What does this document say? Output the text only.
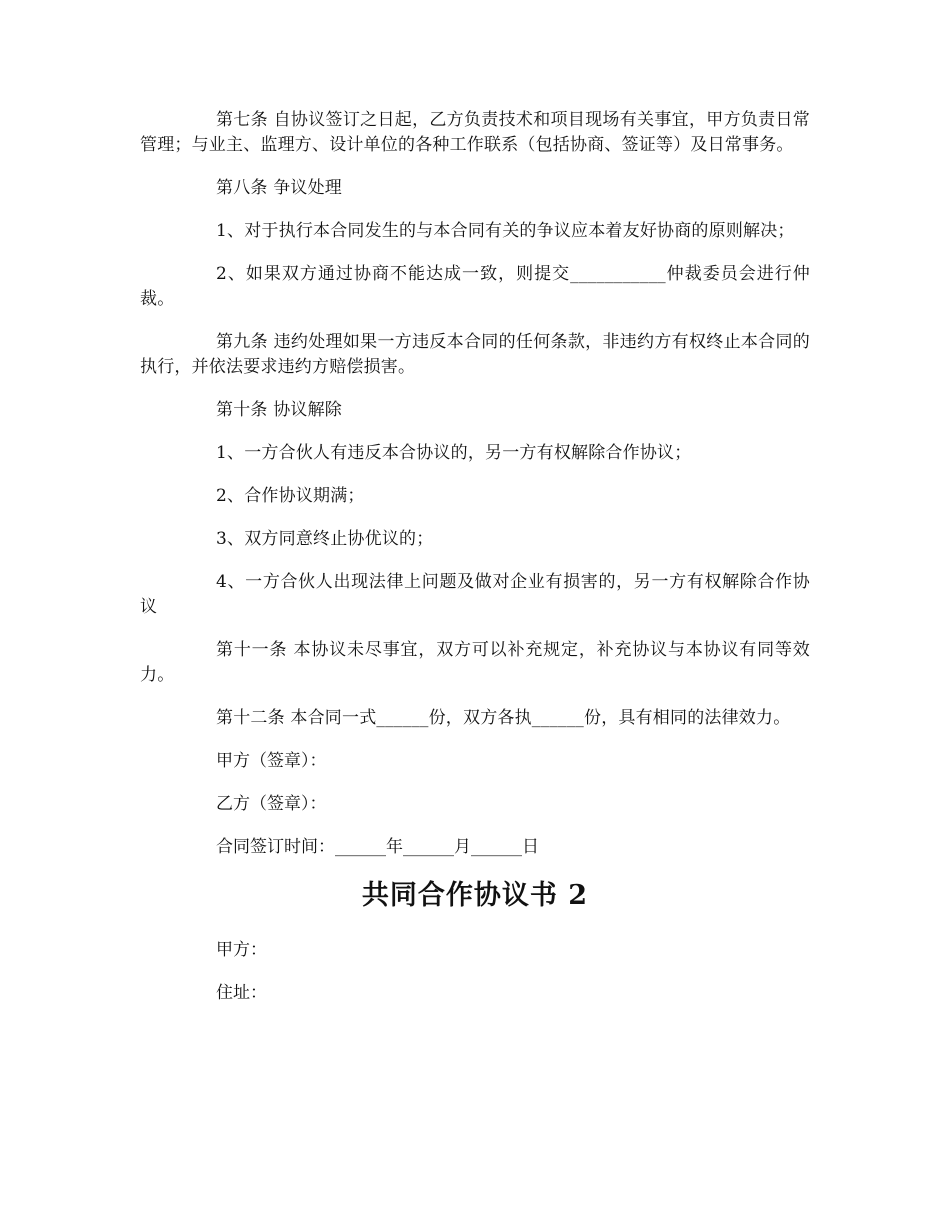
第七条 自协议签订之日起，乙方负责技术和项目现场有关事宜，甲方负责日常管理；与业主、监理方、设计单位的各种工作联系（包括协商、签证等）及日常事务。

第八条 争议处理

1、对于执行本合同发生的与本合同有关的争议应本着友好协商的原则解决；

2、如果双方通过协商不能达成一致，则提交___________仲裁委员会进行仲裁。

第九条 违约处理如果一方违反本合同的任何条款，非违约方有权终止本合同的执行，并依法要求违约方赔偿损害。

第十条 协议解除

1、一方合伙人有违反本合协议的，另一方有权解除合作协议；

2、合作协议期满；

3、双方同意终止协优议的；

4、一方合伙人出现法律上问题及做对企业有损害的，另一方有权解除合作协议

第十一条 本协议未尽事宜，双方可以补充规定，补充协议与本协议有同等效力。

第十二条 本合同一式______份，双方各执______份，具有相同的法律效力。

甲方（签章）：

乙方（签章）：

合同签订时间：______年______月______日

共同合作协议书 2

甲方：

住址：
